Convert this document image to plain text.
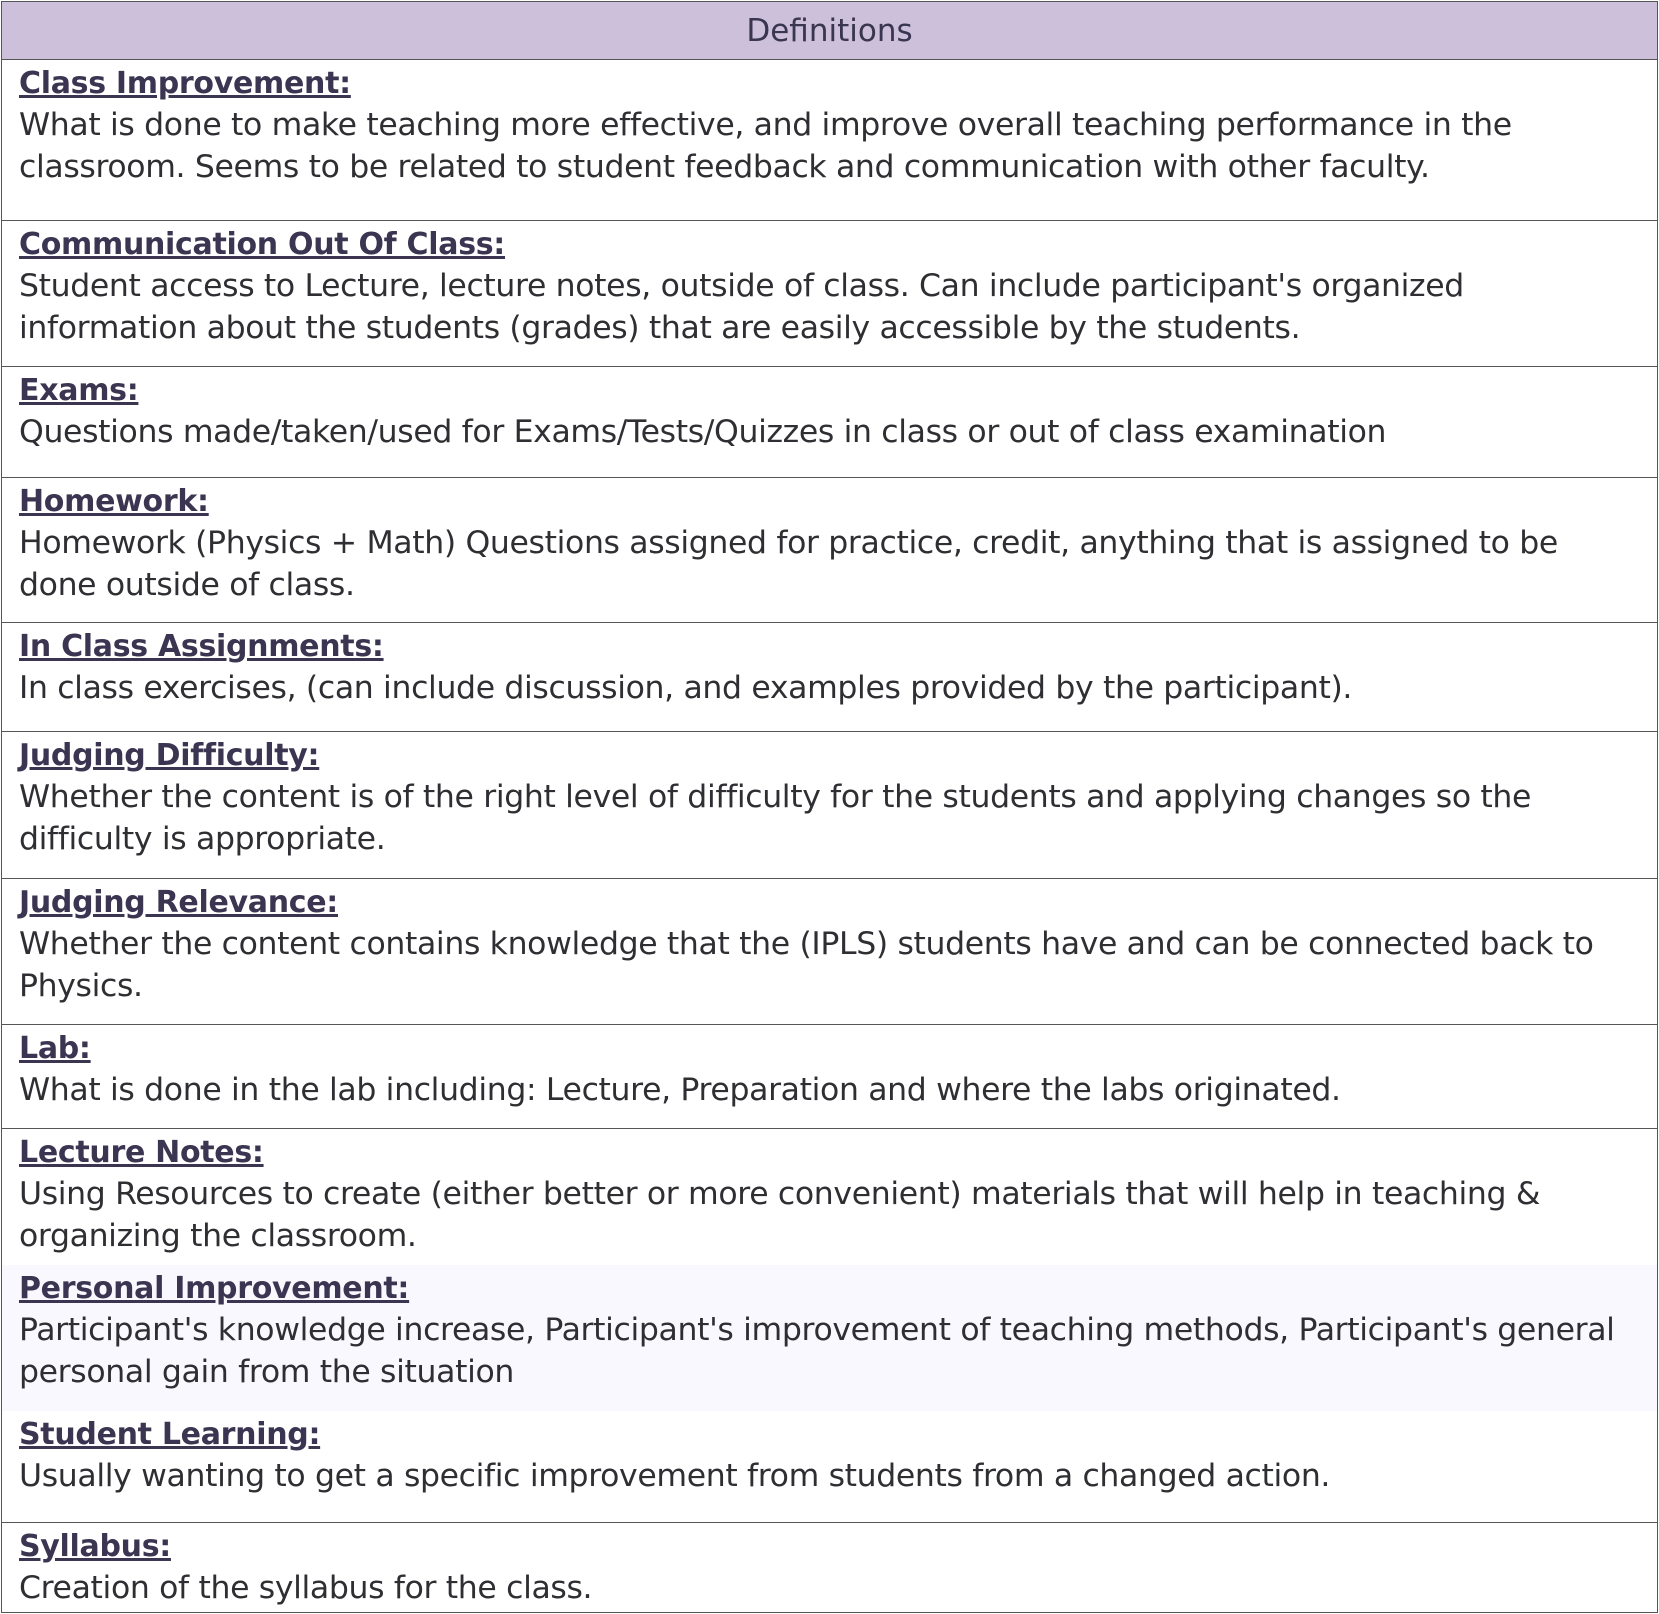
Definitions
Class Improvement:
What is done to make teaching more effective, and improve overall teaching performance in the classroom. Seems to be related to student feedback and communication with other faculty.
Communication Out Of Class:
Student access to Lecture, lecture notes, outside of class. Can include participant's organized information about the students (grades) that are easily accessible by the students.
Exams:
Questions made/taken/used for Exams/Tests/Quizzes in class or out of class examination
Homework:
Homework (Physics + Math) Questions assigned for practice, credit, anything that is assigned to be done outside of class.
In Class Assignments:
In class exercises, (can include discussion, and examples provided by the participant).
Judging Difficulty:
Whether the content is of the right level of difficulty for the students and applying changes so the difficulty is appropriate.
Judging Relevance:
Whether the content contains knowledge that the (IPLS) students have and can be connected back to Physics.
Lab:
What is done in the lab including: Lecture, Preparation and where the labs originated.
Lecture Notes:
Using Resources to create (either better or more convenient) materials that will help in teaching & organizing the classroom.
Personal Improvement:
Participant's knowledge increase, Participant's improvement of teaching methods, Participant's general personal gain from the situation
Student Learning:
Usually wanting to get a specific improvement from students from a changed action.
Syllabus:
Creation of the syllabus for the class.
